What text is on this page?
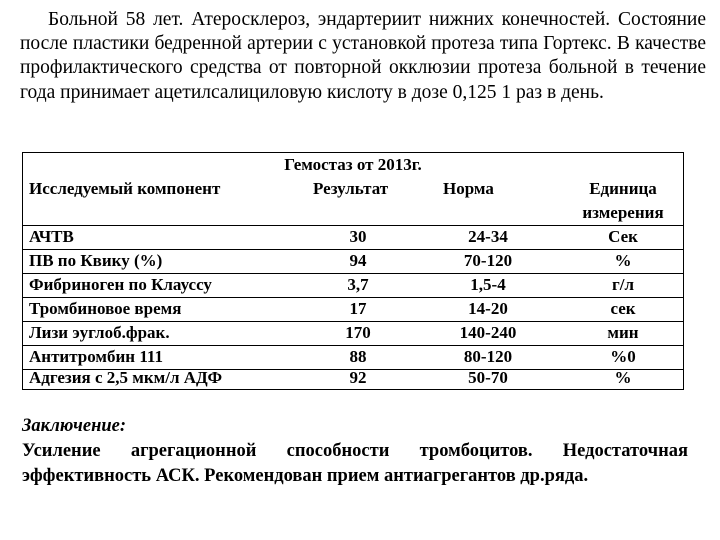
Больной 58 лет. Атеросклероз, эндартериит нижних конечностей. Состояние после пластики бедренной артерии с установкой протеза типа Гортекс. В качестве профилактического средства от повторной окклюзии протеза больной в течение года принимает ацетилсалициловую кислоту в дозе 0,125 1 раз в день.
Гемостаз от 2013г.
Исследуемый компонент	Результат	Норма	Единица
измерения
АЧТВ	30	24-34	Сек
ПВ по Квику (%)	94	70-120	%
Фибриноген по Клауссу	3,7	1,5-4	г/л
Тромбиновое время	17	14-20	сек
Лизи эуглоб.фрак.	170	140-240	мин
Антитромбин 111	88	80-120	%0
Адгезия с 2,5 мкм/л АДФ	92	50-70	%
Заключение:
Усиление агрегационной способности тромбоцитов. Недостаточная эффективность АСК. Рекомендован прием антиагрегантов др.ряда.
